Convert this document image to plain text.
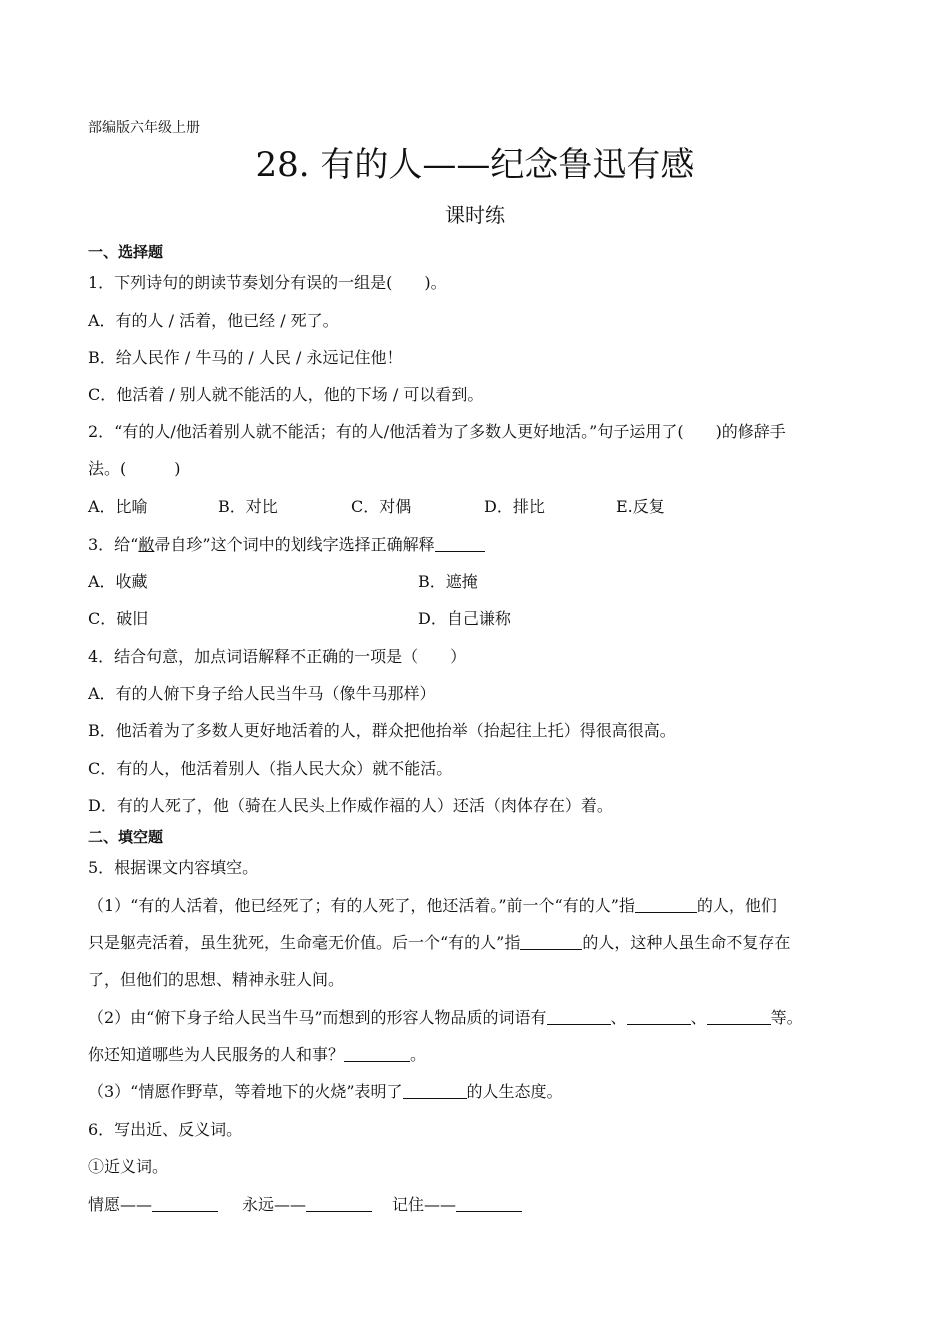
部编版六年级上册
28. 有的人——纪念鲁迅有感
课时练
一、选择题
1．下列诗句的朗读节奏划分有误的一组是(　　)。
A．有的人 / 活着，他已经 / 死了。
B．给人民作 / 牛马的 / 人民 / 永远记住他！
C．他活着 / 别人就不能活的人，他的下场 / 可以看到。
2．“有的人/他活着别人就不能活；有的人/他活着为了多数人更好地活。”句子运用了(　　)的修辞手
法。(　　　)
A．比喻	B．对比	C．对偶	D．排比	E.反复
3．给“敝帚自珍”这个词中的划线字选择正确解释
A．收藏	B．遮掩
C．破旧	D．自己谦称
4．结合句意，加点词语解释不正确的一项是（　　）
A．有的人俯下身子给人民当牛马（像牛马那样）
B．他活着为了多数人更好地活着的人，群众把他抬举（抬起往上托）得很高很高。
C．有的人，他活着别人（指人民大众）就不能活。
D．有的人死了，他（骑在人民头上作威作福的人）还活（肉体存在）着。
二、填空题
5．根据课文内容填空。
（1）“有的人活着，他已经死了；有的人死了，他还活着。”前一个“有的人”指	的人，他们
只是躯壳活着，虽生犹死，生命毫无价值。后一个“有的人”指	的人，这种人虽生命不复存在
了，但他们的思想、精神永驻人间。
（2）由“俯下身子给人民当牛马”而想到的形容人物品质的词语有	、	、	等。
你还知道哪些为人民服务的人和事？	。
（3）“情愿作野草，等着地下的火烧”表明了	的人生态度。
6．写出近、反义词。
①近义词。
情愿——	永远——	记住——
